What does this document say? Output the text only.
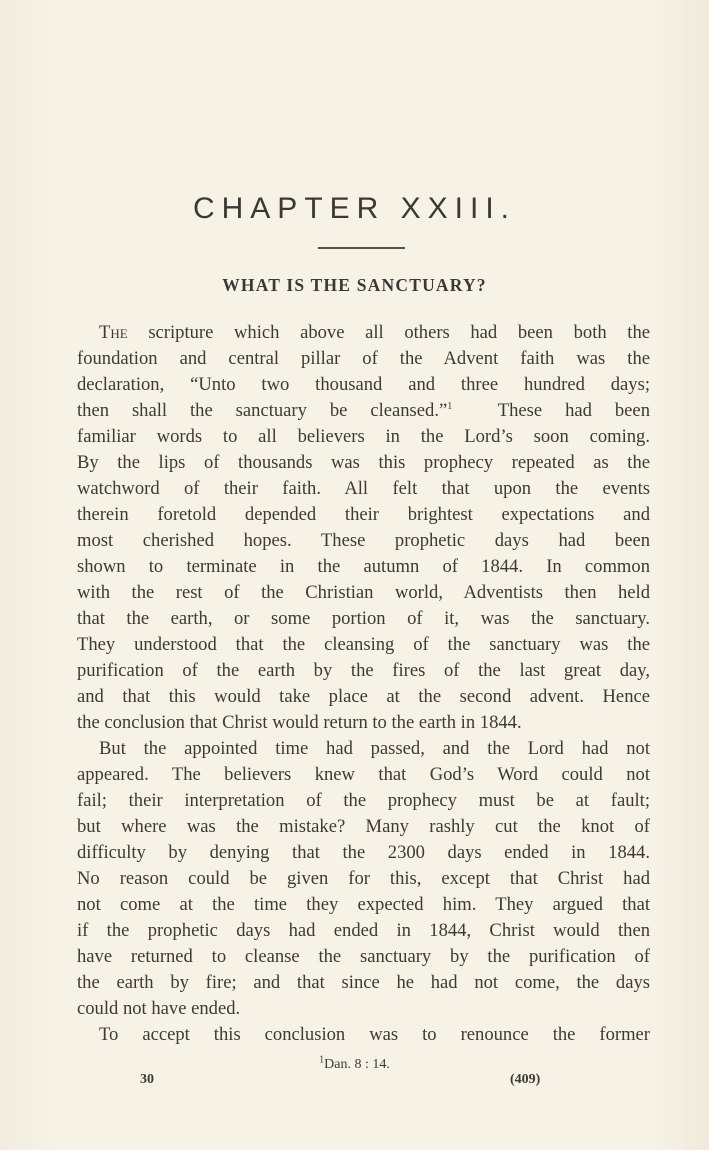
CHAPTER XXIII.
WHAT IS THE SANCTUARY?
The scripture which above all others had been both the
foundation and central pillar of the Advent faith was the
declaration, “Unto two thousand and three hundred days;
then shall the sanctuary be cleansed.”$^1$  These had been
familiar words to all believers in the Lord’s soon coming.
By the lips of thousands was this prophecy repeated as the
watchword of their faith. All felt that upon the events
therein foretold depended their brightest expectations and
most cherished hopes. These prophetic days had been
shown to terminate in the autumn of 1844. In common
with the rest of the Christian world, Adventists then held
that the earth, or some portion of it, was the sanctuary.
They understood that the cleansing of the sanctuary was the
purification of the earth by the fires of the last great day,
and that this would take place at the second advent. Hence
the conclusion that Christ would return to the earth in 1844.
But the appointed time had passed, and the Lord had not
appeared. The believers knew that God’s Word could not
fail; their interpretation of the prophecy must be at fault;
but where was the mistake? Many rashly cut the knot of
difficulty by denying that the 2300 days ended in 1844.
No reason could be given for this, except that Christ had
not come at the time they expected him. They argued that
if the prophetic days had ended in 1844, Christ would then
have returned to cleanse the sanctuary by the purification of
the earth by fire; and that since he had not come, the days
could not have ended.
To accept this conclusion was to renounce the former
$^1$Dan. 8 : 14.
30	(409)
